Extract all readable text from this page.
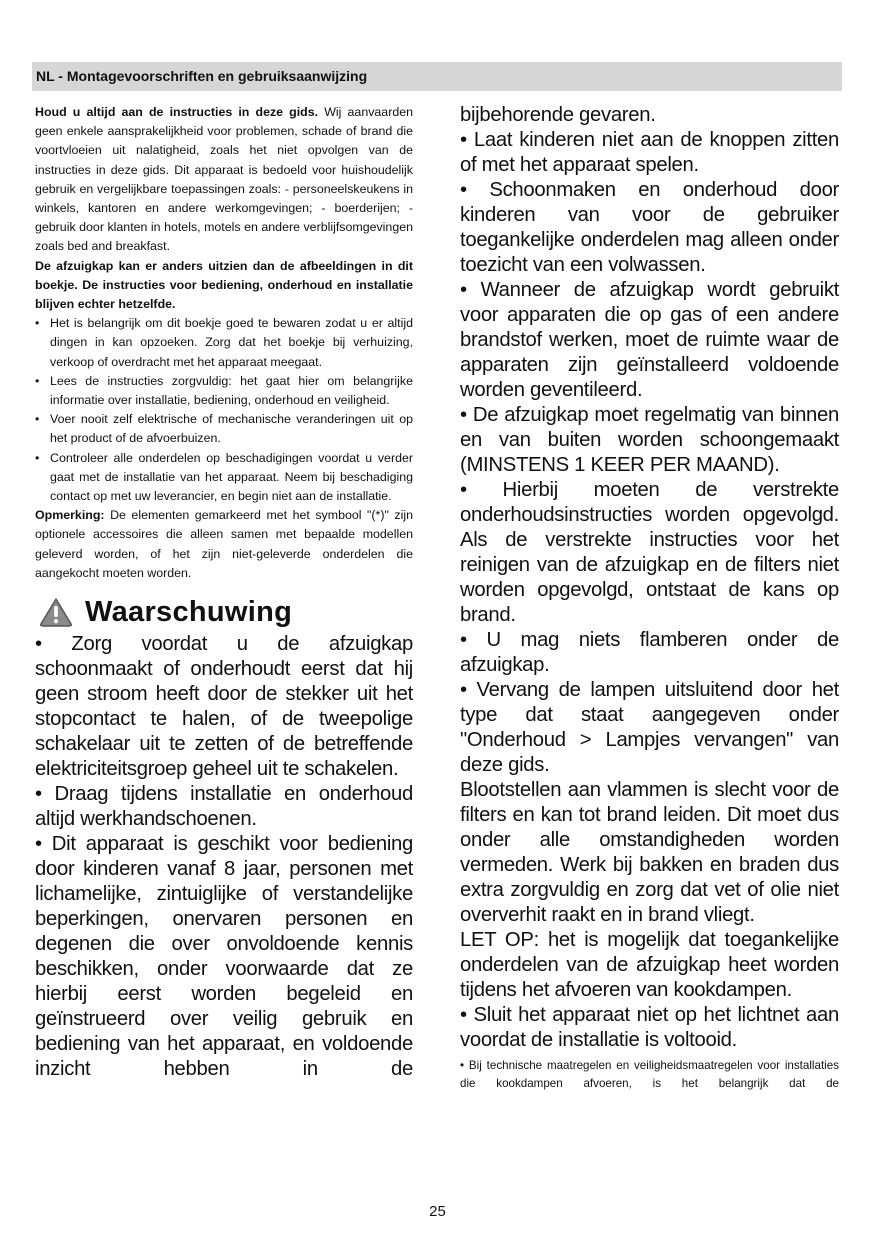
NL - Montagevoorschriften en gebruiksaanwijzing

Houd u altijd aan de instructies in deze gids. Wij aanvaarden geen enkele aansprakelijkheid voor problemen, schade of brand die voortvloeien uit nalatigheid, zoals het niet opvolgen van de instructies in deze gids. Dit apparaat is bedoeld voor huishoudelijk gebruik en vergelijkbare toepassingen zoals: - personeelskeukens in winkels, kantoren en andere werkomgevingen; - boerderijen; - gebruik door klanten in hotels, motels en andere verblijfsomgevingen zoals bed and breakfast.

De afzuigkap kan er anders uitzien dan de afbeeldingen in dit boekje. De instructies voor bediening, onderhoud en installatie blijven echter hetzelfde.

• Het is belangrijk om dit boekje goed te bewaren zodat u er altijd dingen in kan opzoeken. Zorg dat het boekje bij verhuizing, verkoop of overdracht met het apparaat meegaat.
• Lees de instructies zorgvuldig: het gaat hier om belangrijke informatie over installatie, bediening, onderhoud en veiligheid.
• Voer nooit zelf elektrische of mechanische veranderingen uit op het product of de afvoerbuizen.
• Controleer alle onderdelen op beschadigingen voordat u verder gaat met de installatie van het apparaat. Neem bij beschadiging contact op met uw leverancier, en begin niet aan de installatie.

Opmerking: De elementen gemarkeerd met het symbool "(*)" zijn optionele accessoires die alleen samen met bepaalde modellen geleverd worden, of het zijn niet-geleverde onderdelen die aangekocht moeten worden.

Waarschuwing

• Zorg voordat u de afzuigkap schoonmaakt of onderhoudt eerst dat hij geen stroom heeft door de stekker uit het stopcontact te halen, of de tweepolige schakelaar uit te zetten of de betreffende elektriciteitsgroep geheel uit te schakelen.

• Draag tijdens installatie en onderhoud altijd werkhandschoenen.

• Dit apparaat is geschikt voor bediening door kinderen vanaf 8 jaar, personen met lichamelijke, zintuiglijke of verstandelijke beperkingen, onervaren personen en degenen die over onvoldoende kennis beschikken, onder voorwaarde dat ze hierbij eerst worden begeleid en geïnstrueerd over veilig gebruik en bediening van het apparaat, en voldoende inzicht hebben in de

bijbehorende gevaren.

• Laat kinderen niet aan de knoppen zitten of met het apparaat spelen.

• Schoonmaken en onderhoud door kinderen van voor de gebruiker toegankelijke onderdelen mag alleen onder toezicht van een volwassen.

• Wanneer de afzuigkap wordt gebruikt voor apparaten die op gas of een andere brandstof werken, moet de ruimte waar de apparaten zijn geïnstalleerd voldoende worden geventileerd.

• De afzuigkap moet regelmatig van binnen en van buiten worden schoongemaakt (MINSTENS 1 KEER PER MAAND).

• Hierbij moeten de verstrekte onderhoudsinstructies worden opgevolgd. Als de verstrekte instructies voor het reinigen van de afzuigkap en de filters niet worden opgevolgd, ontstaat de kans op brand.

• U mag niets flamberen onder de afzuigkap.

• Vervang de lampen uitsluitend door het type dat staat aangegeven onder "Onderhoud > Lampjes vervangen" van deze gids.

Blootstellen aan vlammen is slecht voor de filters en kan tot brand leiden. Dit moet dus onder alle omstandigheden worden vermeden. Werk bij bakken en braden dus extra zorgvuldig en zorg dat vet of olie niet oververhit raakt en in brand vliegt.

LET OP: het is mogelijk dat toegankelijke onderdelen van de afzuigkap heet worden tijdens het afvoeren van kookdampen.

• Sluit het apparaat niet op het lichtnet aan voordat de installatie is voltooid.

• Bij technische maatregelen en veiligheidsmaatregelen voor installaties die kookdampen afvoeren, is het belangrijk dat de

25
